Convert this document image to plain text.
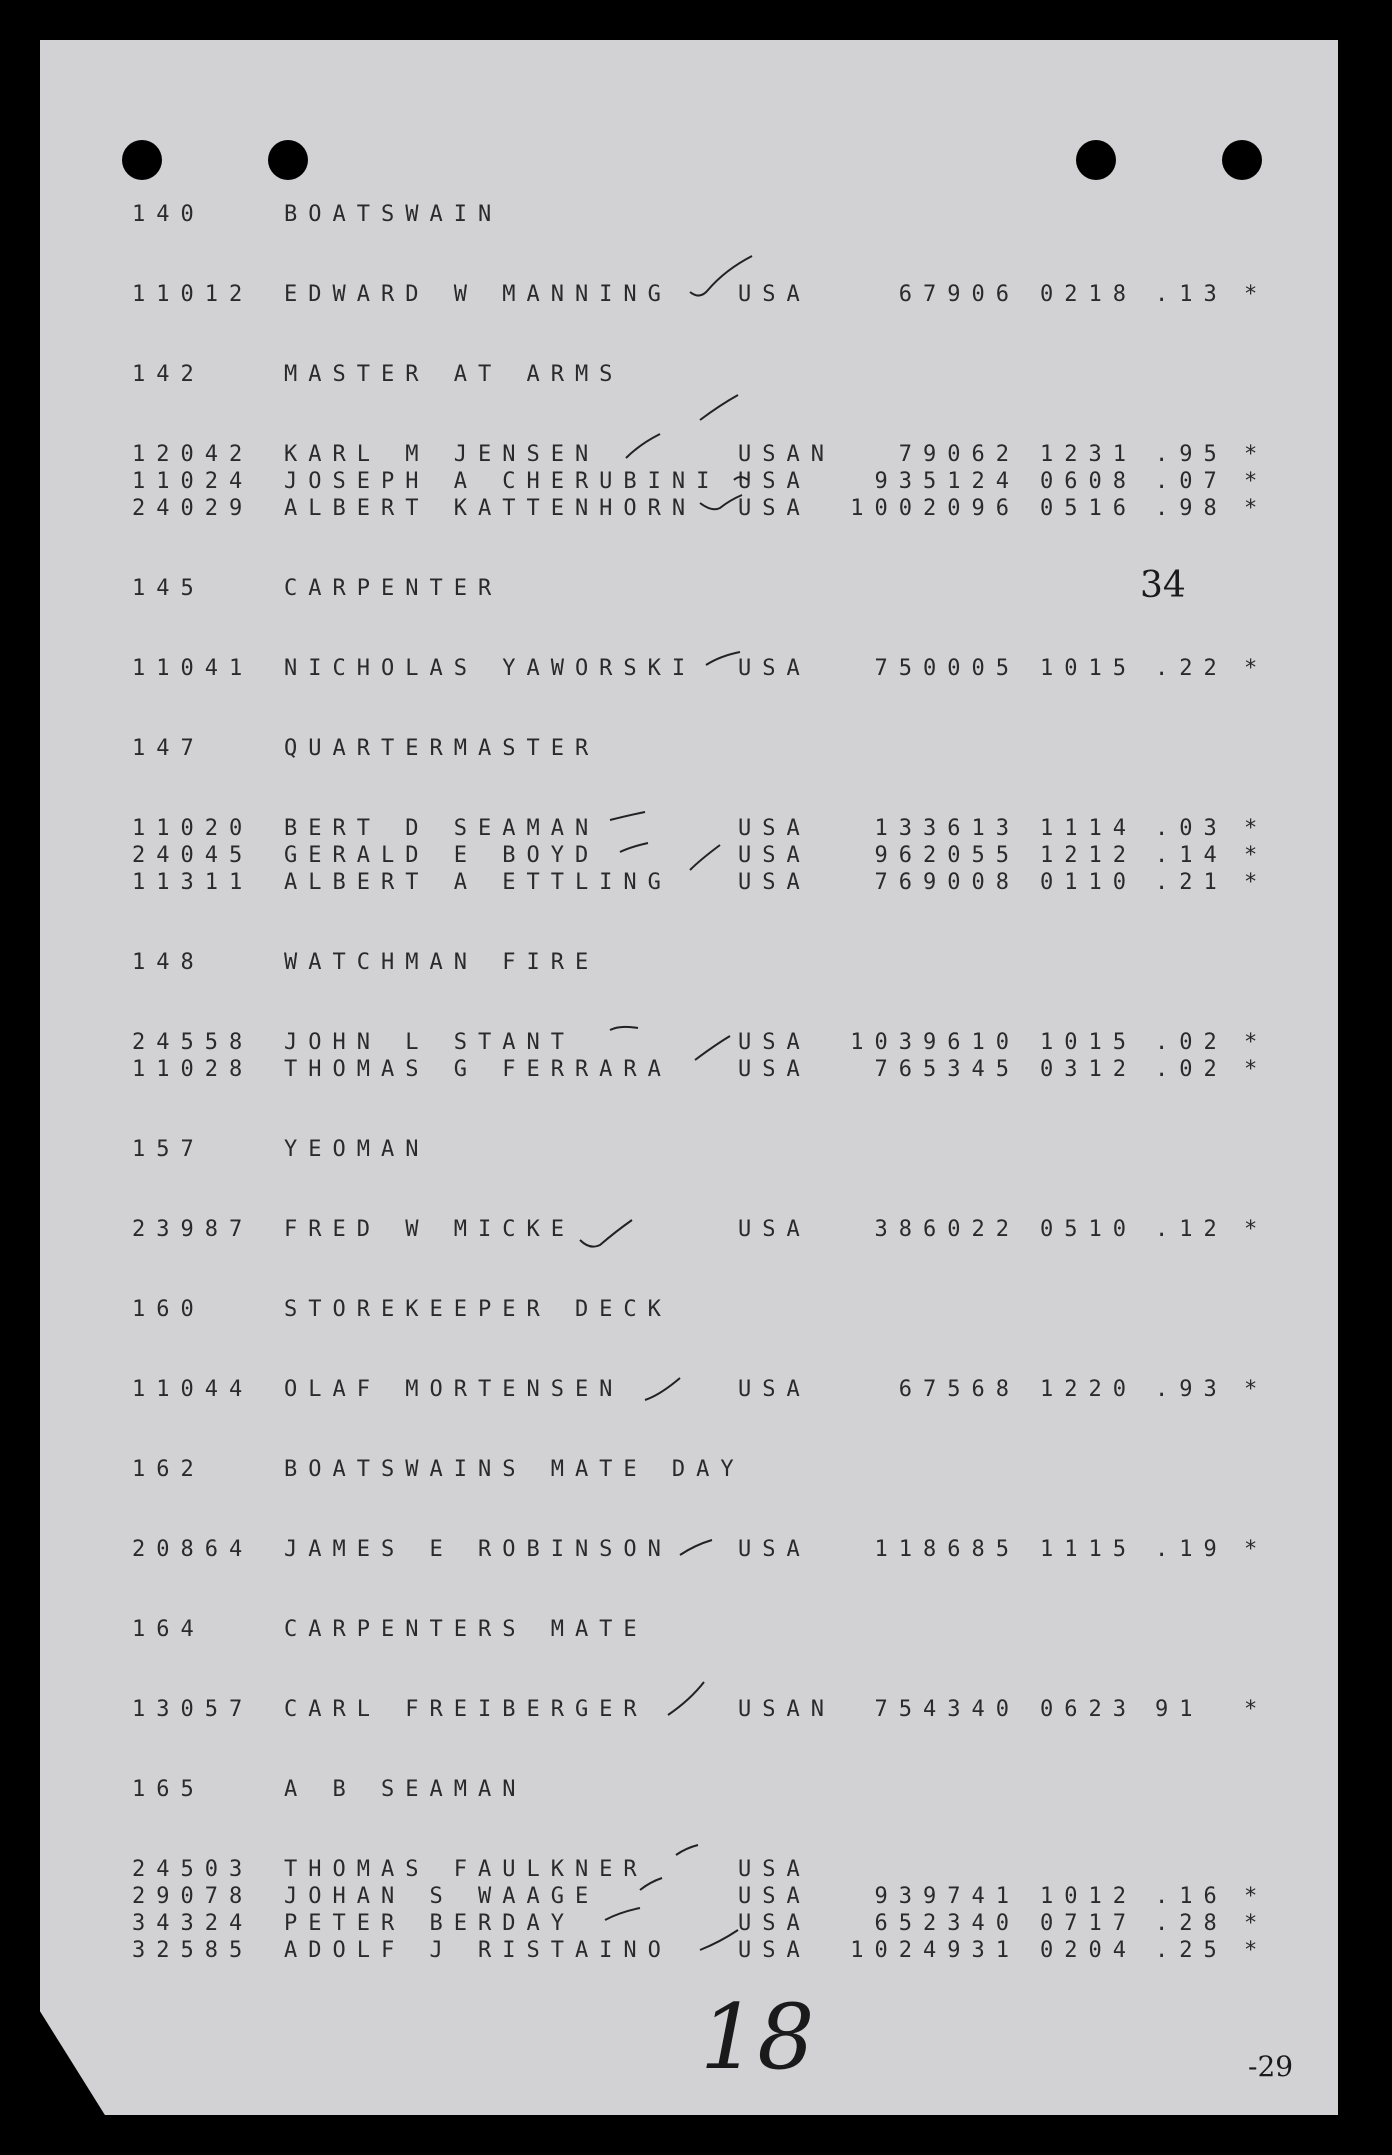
140	BOATSWAIN
11012 EDWARD W MANNING	USA	67906 0218 .13 *
142	MASTER AT ARMS
12042 KARL M JENSEN	USAN	79062 1231 .95 *
11024 JOSEPH A CHERUBINI USA	935124 0608 .07 *
24029 ALBERT KATTENHORN USA	1002096 0516 .98 *
145	CARPENTER
11041 NICHOLAS YAWORSKI USA	750005 1015 .22 *
147	QUARTERMASTER
11020 BERT D SEAMAN	USA	133613 1114 .03 *
24045 GERALD E BOYD	USA	962055 1212 .14 *
11311 ALBERT A ETTLING	USA	769008 0110 .21 *
148	WATCHMAN FIRE
24558 JOHN L STANT	USA	1039610 1015 .02 *
11028 THOMAS G FERRARA	USA	765345 0312 .02 *
157	YEOMAN
23987 FRED W MICKE	USA	386022 0510 .12 *
160	STOREKEEPER DECK
11044 OLAF MORTENSEN	USA	67568 1220 .93 *
162	BOATSWAINS MATE DAY
20864 JAMES E ROBINSON	USA	118685 1115 .19 *
164	CARPENTERS MATE
13057 CARL FREIBERGER	USAN	754340 0623 91 *
165	A B SEAMAN
24503 THOMAS FAULKNER	USA
29078 JOHAN S WAAGE	USA	939741 1012 .16 *
34324 PETER BERDAY	USA	652340 0717 .28 *
32585 ADOLF J RISTAINO	USA	1024931 0204 .25 *
34
18	-29
